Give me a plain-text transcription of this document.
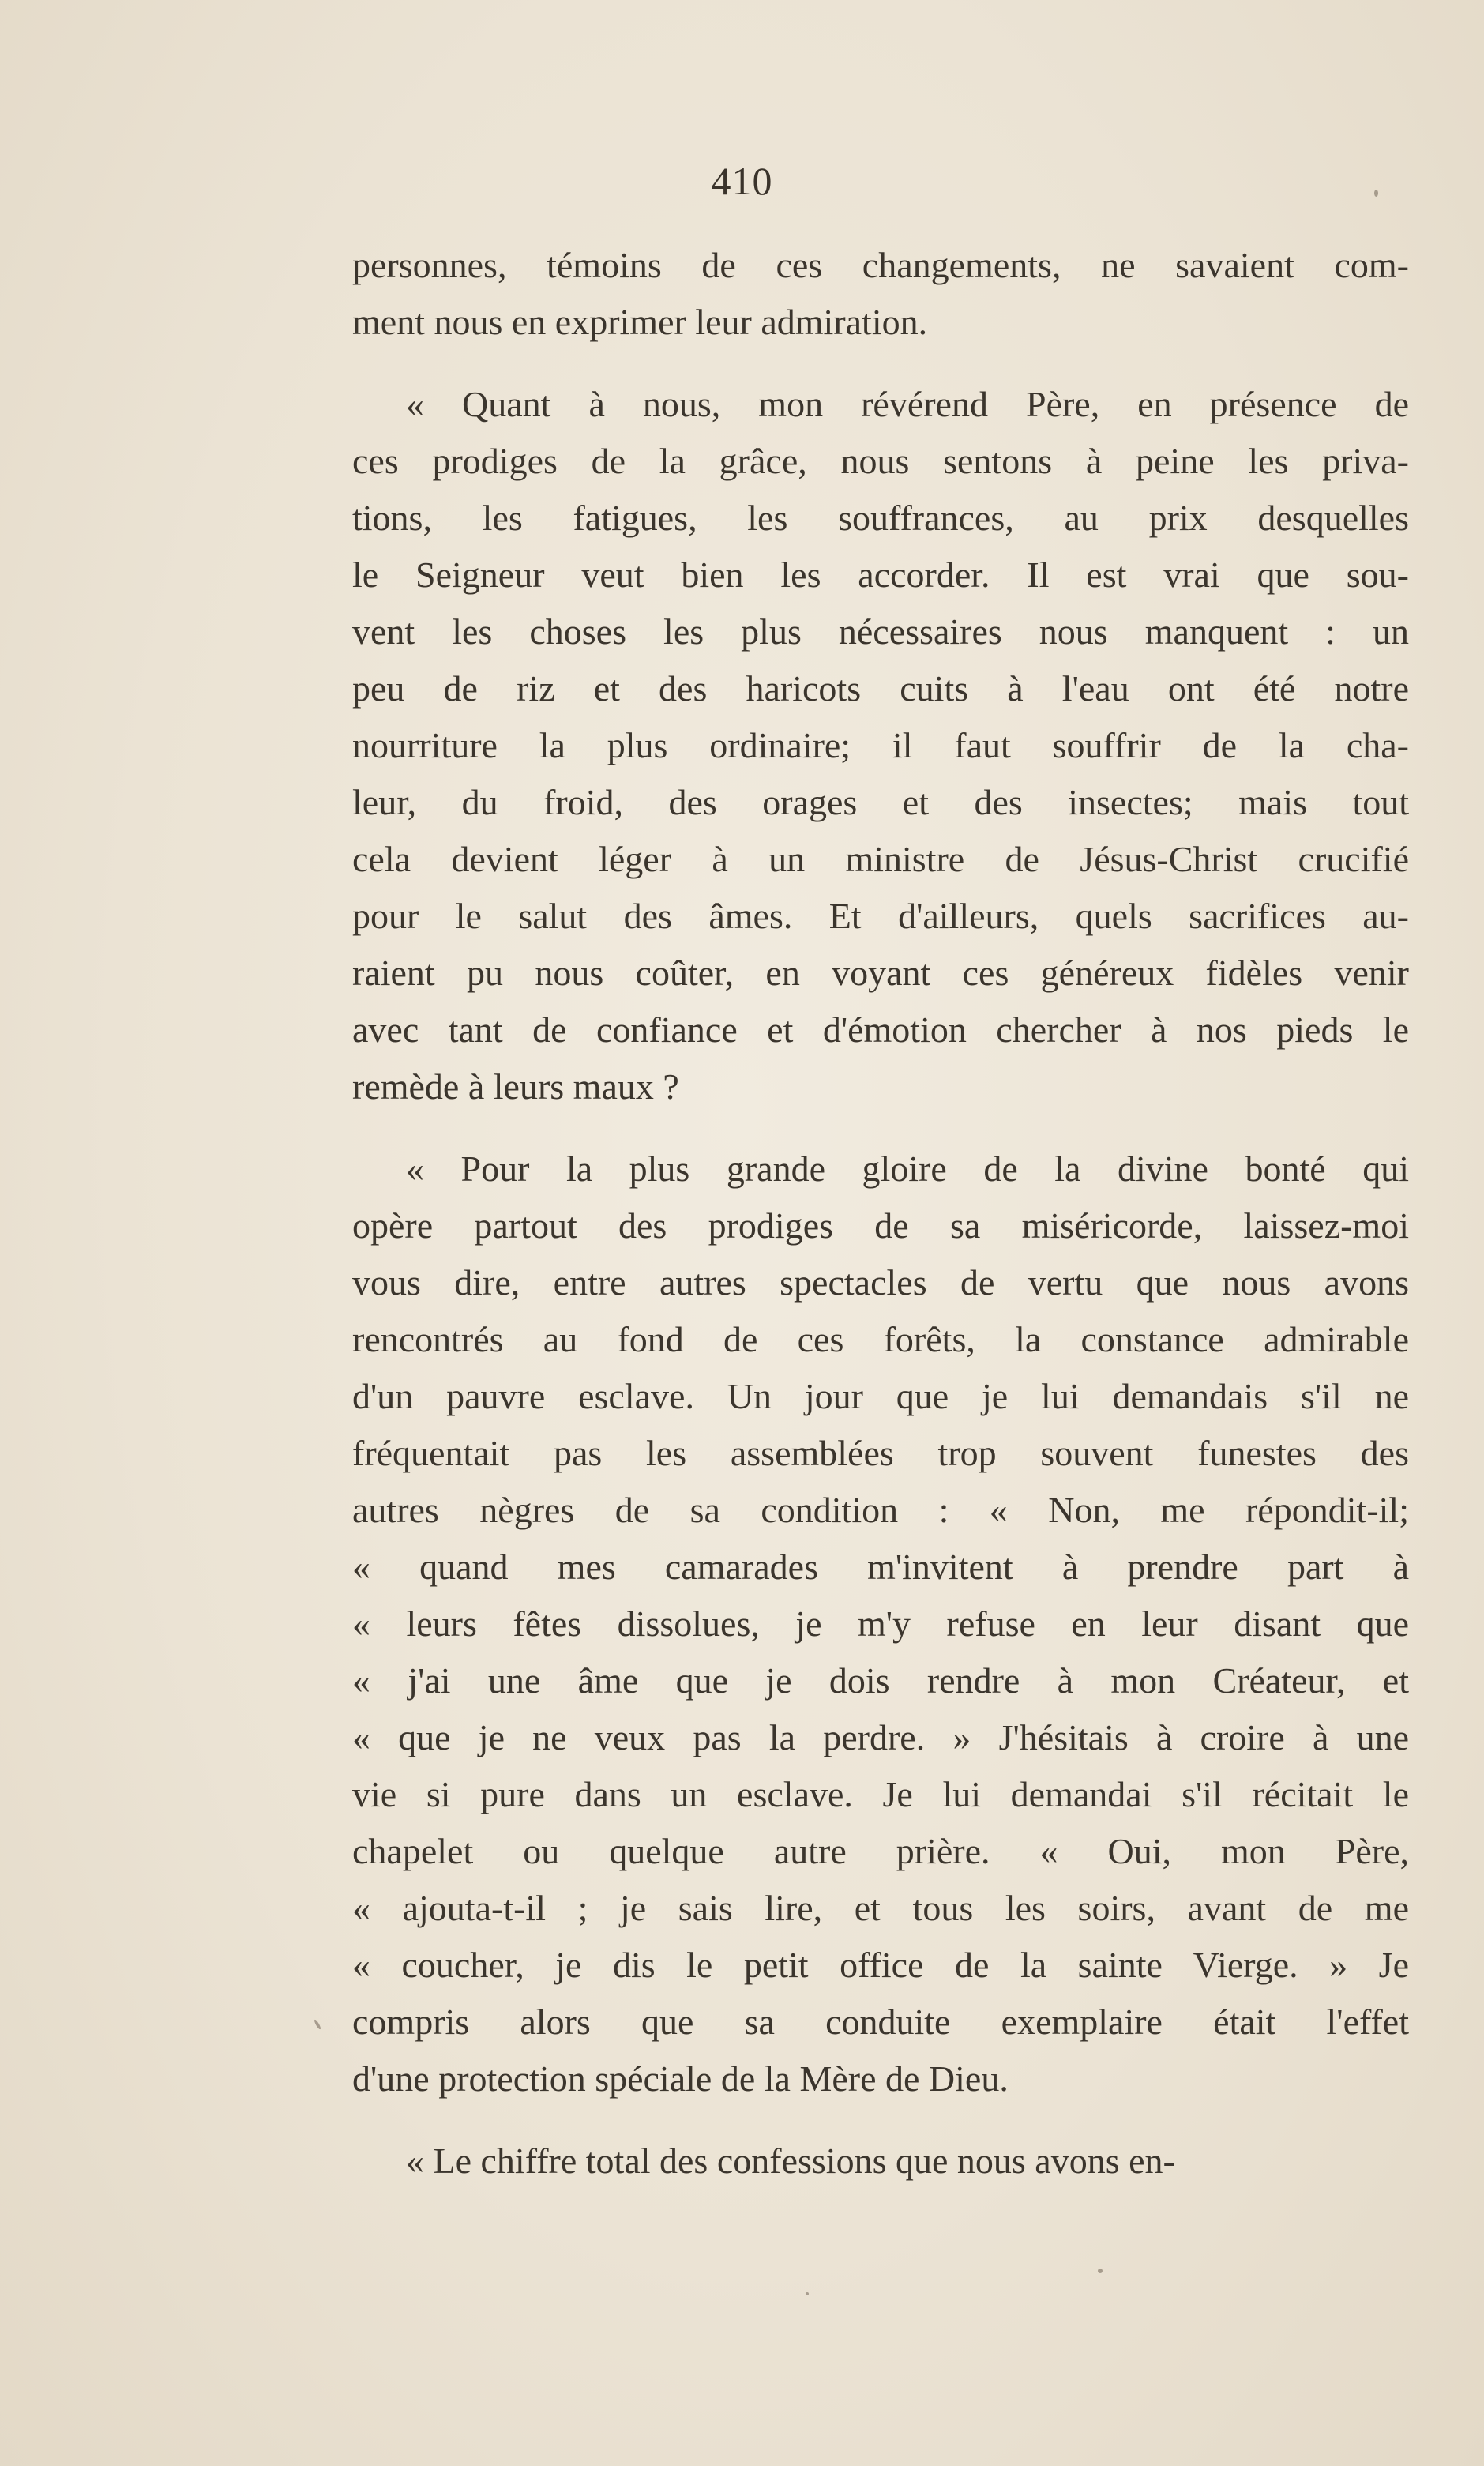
410

personnes, témoins de ces changements, ne savaient com-
ment nous en exprimer leur admiration.

« Quant à nous, mon révérend Père, en présence de
ces prodiges de la grâce, nous sentons à peine les priva-
tions, les fatigues, les souffrances, au prix desquelles
le Seigneur veut bien les accorder. Il est vrai que sou-
vent les choses les plus nécessaires nous manquent : un
peu de riz et des haricots cuits à l'eau ont été notre
nourriture la plus ordinaire; il faut souffrir de la cha-
leur, du froid, des orages et des insectes; mais tout
cela devient léger à un ministre de Jésus-Christ crucifié
pour le salut des âmes. Et d'ailleurs, quels sacrifices au-
raient pu nous coûter, en voyant ces généreux fidèles venir
avec tant de confiance et d'émotion chercher à nos pieds le
remède à leurs maux ?

« Pour la plus grande gloire de la divine bonté qui
opère partout des prodiges de sa miséricorde, laissez-moi
vous dire, entre autres spectacles de vertu que nous avons
rencontrés au fond de ces forêts, la constance admirable
d'un pauvre esclave. Un jour que je lui demandais s'il ne
fréquentait pas les assemblées trop souvent funestes des
autres nègres de sa condition : « Non, me répondit-il;
« quand mes camarades m'invitent à prendre part à
« leurs fêtes dissolues, je m'y refuse en leur disant que
« j'ai une âme que je dois rendre à mon Créateur, et
« que je ne veux pas la perdre. » J'hésitais à croire à une
vie si pure dans un esclave. Je lui demandai s'il récitait le
chapelet ou quelque autre prière. « Oui, mon Père,
« ajouta-t-il ; je sais lire, et tous les soirs, avant de me
« coucher, je dis le petit office de la sainte Vierge. » Je
compris alors que sa conduite exemplaire était l'effet
d'une protection spéciale de la Mère de Dieu.

« Le chiffre total des confessions que nous avons en-
